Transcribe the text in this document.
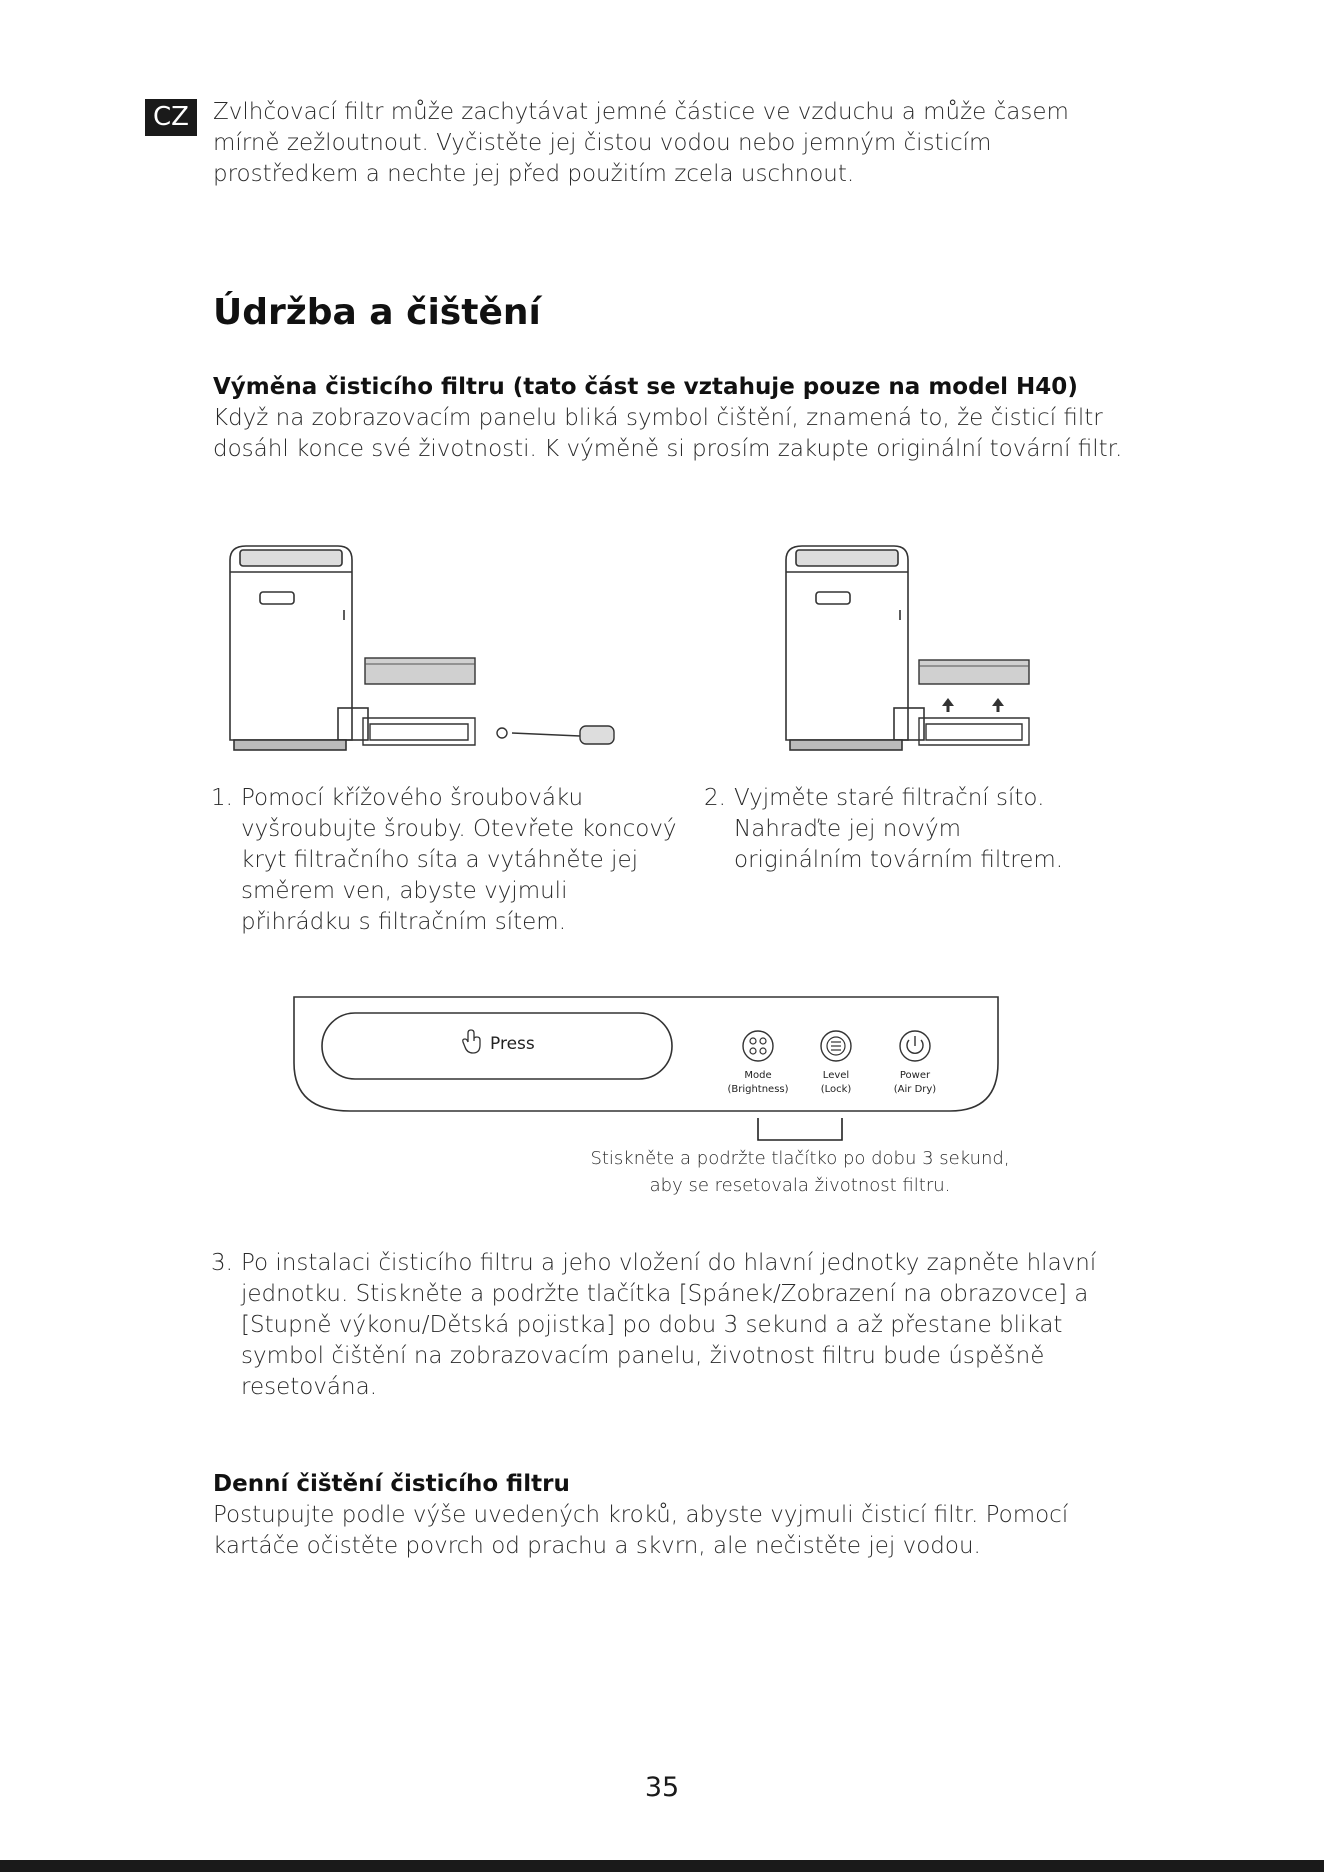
CZ	Zvlhčovací filtr může zachytávat jemné částice ve vzduchu a může časem mírně zežloutnout. Vyčistěte jej čistou vodou nebo jemným čisticím prostředkem a nechte jej před použitím zcela uschnout.
Údržba a čištění
Výměna čisticího filtru (tato část se vztahuje pouze na model H40)
Když na zobrazovacím panelu bliká symbol čištění, znamená to, že čisticí filtr dosáhl konce své životnosti. K výměně si prosím zakupte originální tovární filtr.
1. Pomocí křížového šroubováku vyšroubujte šrouby. Otevřete koncový kryt filtračního síta a vytáhněte jej směrem ven, abyste vyjmuli přihrádku s filtračním sítem.
2. Vyjměte staré filtrační síto. Nahraďte jej novým originálním továrním filtrem.
Press
Mode
(Brightness)
Level
(Lock)
Power
(Air Dry)
Stiskněte a podržte tlačítko po dobu 3 sekund,
aby se resetovala životnost filtru.
3. Po instalaci čisticího filtru a jeho vložení do hlavní jednotky zapněte hlavní jednotku. Stiskněte a podržte tlačítka [Spánek/Zobrazení na obrazovce] a [Stupně výkonu/Dětská pojistka] po dobu 3 sekund a až přestane blikat symbol čištění na zobrazovacím panelu, životnost filtru bude úspěšně resetována.
Denní čištění čisticího filtru
Postupujte podle výše uvedených kroků, abyste vyjmuli čisticí filtr. Pomocí kartáče očistěte povrch od prachu a skvrn, ale nečistěte jej vodou.
35
